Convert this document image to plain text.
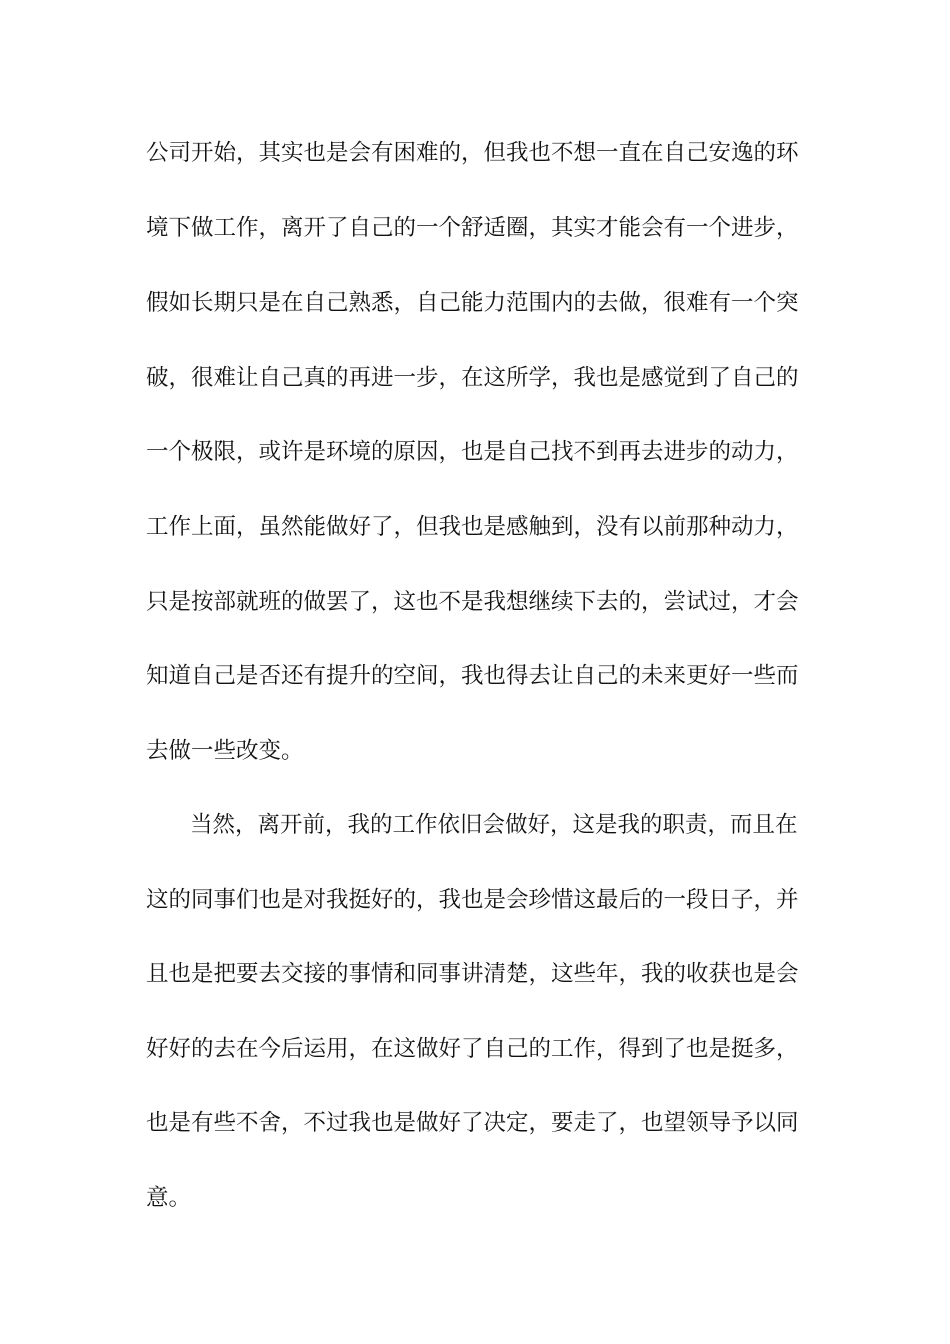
公司开始，其实也是会有困难的，但我也不想一直在自己安逸的环
境下做工作，离开了自己的一个舒适圈，其实才能会有一个进步，
假如长期只是在自己熟悉，自己能力范围内的去做，很难有一个突
破，很难让自己真的再进一步，在这所学，我也是感觉到了自己的
一个极限，或许是环境的原因，也是自己找不到再去进步的动力，
工作上面，虽然能做好了，但我也是感触到，没有以前那种动力，
只是按部就班的做罢了，这也不是我想继续下去的，尝试过，才会
知道自己是否还有提升的空间，我也得去让自己的未来更好一些而
去做一些改变。
当然，离开前，我的工作依旧会做好，这是我的职责，而且在
这的同事们也是对我挺好的，我也是会珍惜这最后的一段日子，并
且也是把要去交接的事情和同事讲清楚，这些年，我的收获也是会
好好的去在今后运用，在这做好了自己的工作，得到了也是挺多，
也是有些不舍，不过我也是做好了决定，要走了，也望领导予以同
意。
